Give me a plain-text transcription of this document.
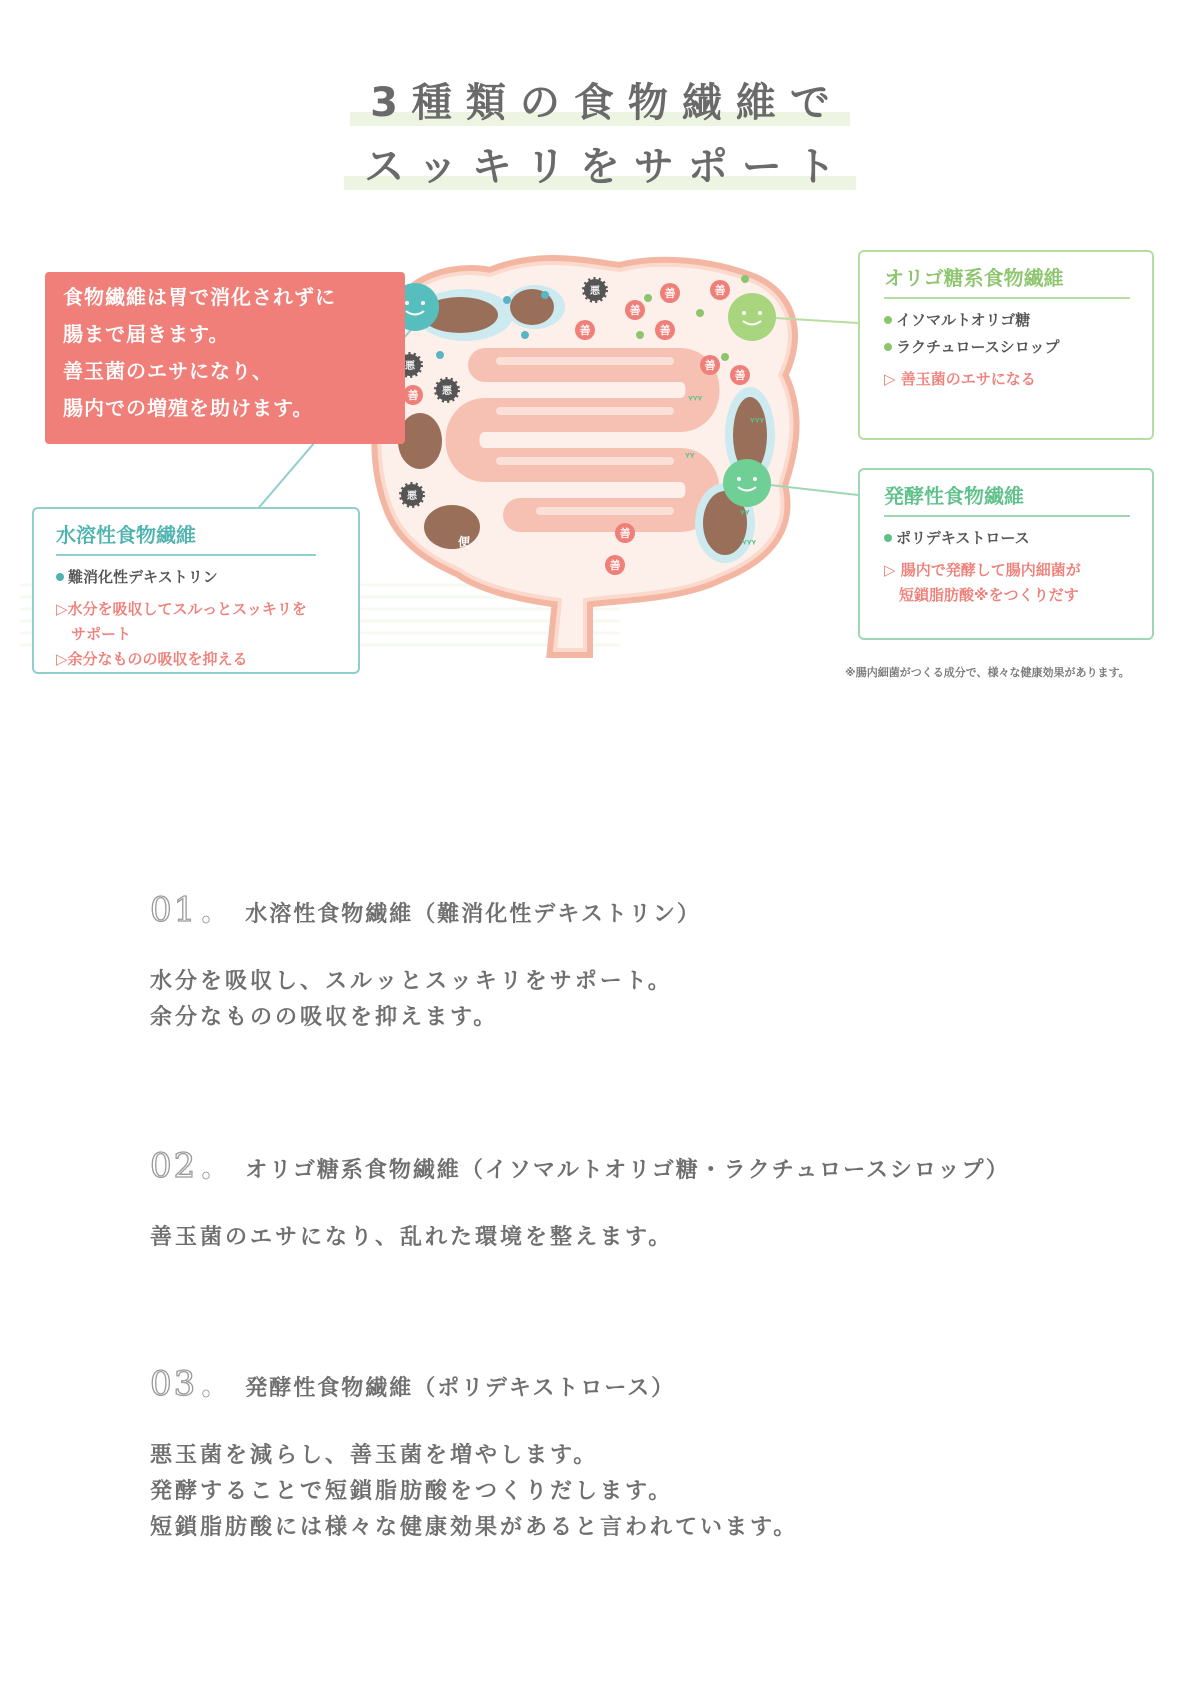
3種類の食物繊維で
スッキリをサポート
便
善	善
善
善
善
善
善
善
善
善
悪
悪
悪
悪
ᵞᵞᵞ
ᵞᵞᵞ
ᵞᵞ
ᵞᵞ
ᵞᵞᵞ
食物繊維は胃で消化されずに
腸まで届きます。
善玉菌のエサになり、
腸内での増殖を助けます。
水溶性食物繊維
難消化性デキストリン
▷水分を吸収してスルっとスッキリを
　サポート
▷余分なものの吸収を抑える
オリゴ糖系食物繊維
イソマルトオリゴ糖
ラクチュロースシロップ
▷ 善玉菌のエサになる
発酵性食物繊維
ポリデキストロース
▷ 腸内で発酵して腸内細菌が
　短鎖脂肪酸※をつくりだす
※腸内細菌がつくる成分で、様々な健康効果があります。
01 。 水溶性食物繊維（難消化性デキストリン）
水分を吸収し、スルッとスッキリをサポート。
余分なものの吸収を抑えます。
02 。 オリゴ糖系食物繊維（イソマルトオリゴ糖・ラクチュロースシロップ）
善玉菌のエサになり、乱れた環境を整えます。
03 。 発酵性食物繊維（ポリデキストロース）
悪玉菌を減らし、善玉菌を増やします。
発酵することで短鎖脂肪酸をつくりだします。
短鎖脂肪酸には様々な健康効果があると言われています。
